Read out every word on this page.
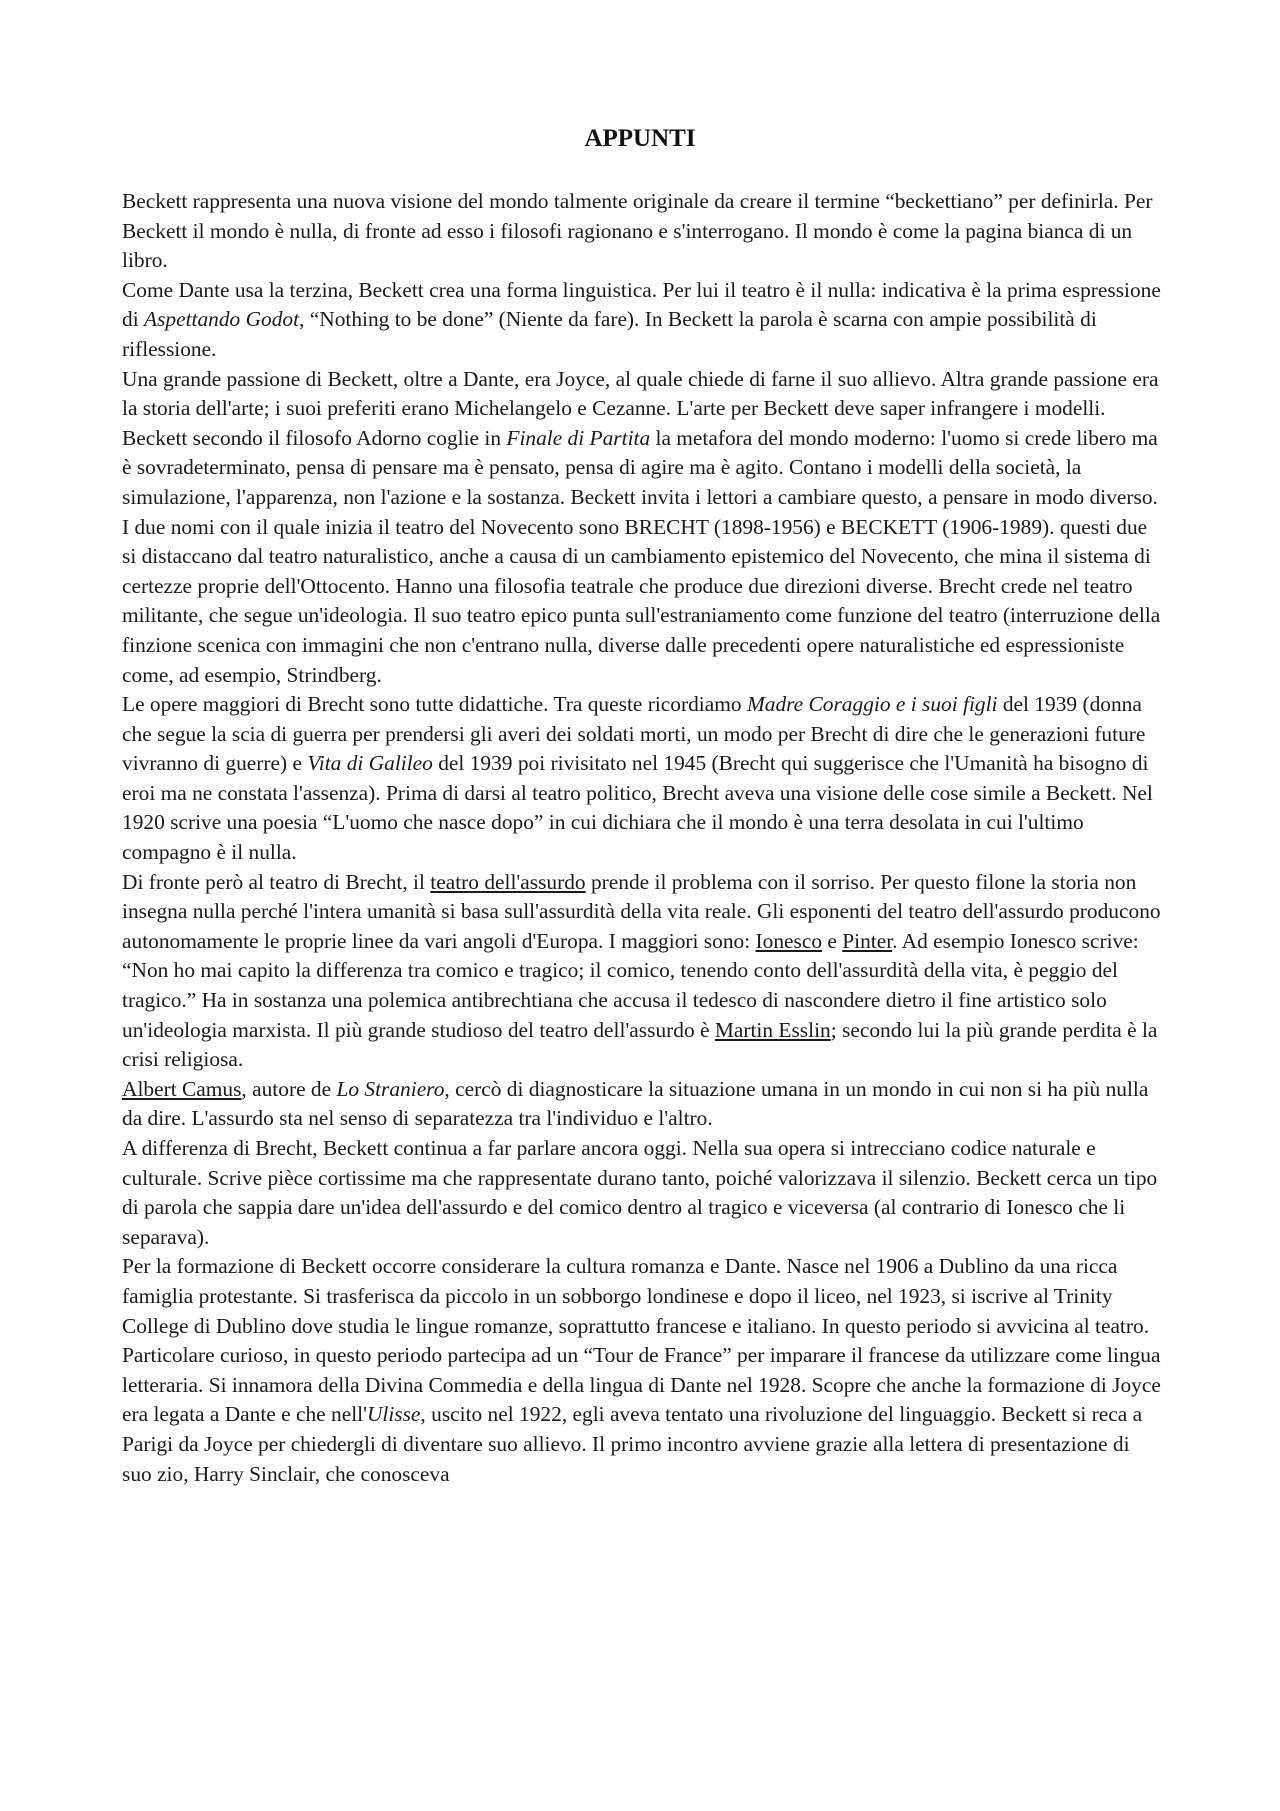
APPUNTI

Beckett rappresenta una nuova visione del mondo talmente originale da creare il termine “beckettiano” per definirla. Per Beckett il mondo è nulla, di fronte ad esso i filosofi ragionano e s'interrogano. Il mondo è come la pagina bianca di un libro.

Come Dante usa la terzina, Beckett crea una forma linguistica. Per lui il teatro è il nulla: indicativa è la prima espressione di Aspettando Godot, “Nothing to be done” (Niente da fare). In Beckett la parola è scarna con ampie possibilità di riflessione.

Una grande passione di Beckett, oltre a Dante, era Joyce, al quale chiede di farne il suo allievo. Altra grande passione era la storia dell'arte; i suoi preferiti erano Michelangelo e Cezanne. L'arte per Beckett deve saper infrangere i modelli.

Beckett secondo il filosofo Adorno coglie in Finale di Partita la metafora del mondo moderno: l'uomo si crede libero ma è sovradeterminato, pensa di pensare ma è pensato, pensa di agire ma è agito. Contano i modelli della società, la simulazione, l'apparenza, non l'azione e la sostanza. Beckett invita i lettori a cambiare questo, a pensare in modo diverso.

I due nomi con il quale inizia il teatro del Novecento sono BRECHT (1898-1956) e BECKETT (1906-1989). questi due si distaccano dal teatro naturalistico, anche a causa di un cambiamento epistemico del Novecento, che mina il sistema di certezze proprie dell'Ottocento. Hanno una filosofia teatrale che produce due direzioni diverse. Brecht crede nel teatro militante, che segue un'ideologia. Il suo teatro epico punta sull'estraniamento come funzione del teatro (interruzione della finzione scenica con immagini che non c'entrano nulla, diverse dalle precedenti opere naturalistiche ed espressioniste come, ad esempio, Strindberg.

Le opere maggiori di Brecht sono tutte didattiche. Tra queste ricordiamo Madre Coraggio e i suoi figli del 1939 (donna che segue la scia di guerra per prendersi gli averi dei soldati morti, un modo per Brecht di dire che le generazioni future vivranno di guerre) e Vita di Galileo del 1939 poi rivisitato nel 1945 (Brecht qui suggerisce che l'Umanità ha bisogno di eroi ma ne constata l'assenza). Prima di darsi al teatro politico, Brecht aveva una visione delle cose simile a Beckett. Nel 1920 scrive una poesia “L'uomo che nasce dopo” in cui dichiara che il mondo è una terra desolata in cui l'ultimo compagno è il nulla.

Di fronte però al teatro di Brecht, il teatro dell'assurdo prende il problema con il sorriso. Per questo filone la storia non insegna nulla perché l'intera umanità si basa sull'assurdità della vita reale. Gli esponenti del teatro dell'assurdo producono autonomamente le proprie linee da vari angoli d'Europa. I maggiori sono: Ionesco e Pinter. Ad esempio Ionesco scrive: “Non ho mai capito la differenza tra comico e tragico; il comico, tenendo conto dell'assurdità della vita, è peggio del tragico.” Ha in sostanza una polemica antibrechtiana che accusa il tedesco di nascondere dietro il fine artistico solo un'ideologia marxista. Il più grande studioso del teatro dell'assurdo è Martin Esslin; secondo lui la più grande perdita è la crisi religiosa.

Albert Camus, autore de Lo Straniero, cercò di diagnosticare la situazione umana in un mondo in cui non si ha più nulla da dire. L'assurdo sta nel senso di separatezza tra l'individuo e l'altro.

A differenza di Brecht, Beckett continua a far parlare ancora oggi. Nella sua opera si intrecciano codice naturale e culturale. Scrive pièce cortissime ma che rappresentate durano tanto, poiché valorizzava il silenzio. Beckett cerca un tipo di parola che sappia dare un'idea dell'assurdo e del comico dentro al tragico e viceversa (al contrario di Ionesco che li separava).

Per la formazione di Beckett occorre considerare la cultura romanza e Dante. Nasce nel 1906 a Dublino da una ricca famiglia protestante. Si trasferisca da piccolo in un sobborgo londinese e dopo il liceo, nel 1923, si iscrive al Trinity College di Dublino dove studia le lingue romanze, soprattutto francese e italiano. In questo periodo si avvicina al teatro. Particolare curioso, in questo periodo partecipa ad un “Tour de France” per imparare il francese da utilizzare come lingua letteraria. Si innamora della Divina Commedia e della lingua di Dante nel 1928. Scopre che anche la formazione di Joyce era legata a Dante e che nell'Ulisse, uscito nel 1922, egli aveva tentato una rivoluzione del linguaggio. Beckett si reca a Parigi da Joyce per chiedergli di diventare suo allievo. Il primo incontro avviene grazie alla lettera di presentazione di suo zio, Harry Sinclair, che conosceva
